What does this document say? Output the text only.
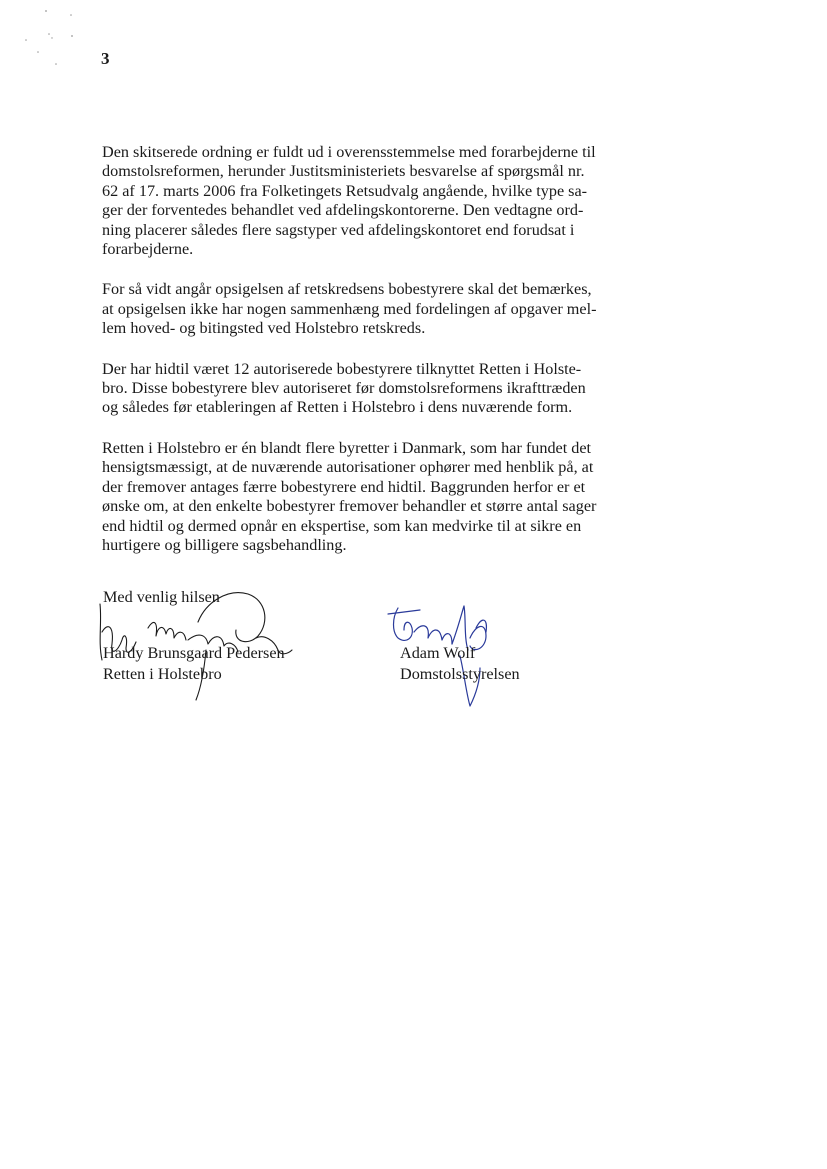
3

Den skitserede ordning er fuldt ud i overensstemmelse med forarbejderne til
domstolsreformen, herunder Justitsministeriets besvarelse af spørgsmål nr.
62 af 17. marts 2006 fra Folketingets Retsudvalg angående, hvilke type sa-
ger der forventedes behandlet ved afdelingskontorerne. Den vedtagne ord-
ning placerer således flere sagstyper ved afdelingskontoret end forudsat i
forarbejderne.

For så vidt angår opsigelsen af retskredsens bobestyrere skal det bemærkes,
at opsigelsen ikke har nogen sammenhæng med fordelingen af opgaver mel-
lem hoved- og bitingsted ved Holstebro retskreds.

Der har hidtil været 12 autoriserede bobestyrere tilknyttet Retten i Holste-
bro. Disse bobestyrere blev autoriseret før domstolsreformens ikrafttræden
og således før etableringen af Retten i Holstebro i dens nuværende form.

Retten i Holstebro er én blandt flere byretter i Danmark, som har fundet det
hensigtsmæssigt, at de nuværende autorisationer ophører med henblik på, at
der fremover antages færre bobestyrere end hidtil. Baggrunden herfor er et
ønske om, at den enkelte bobestyrer fremover behandler et større antal sager
end hidtil og dermed opnår en ekspertise, som kan medvirke til at sikre en
hurtigere og billigere sagsbehandling.

Med venlig hilsen

Hardy Brunsgaard Pedersen
Retten i Holstebro
Adam Wolf
Domstolsstyrelsen
